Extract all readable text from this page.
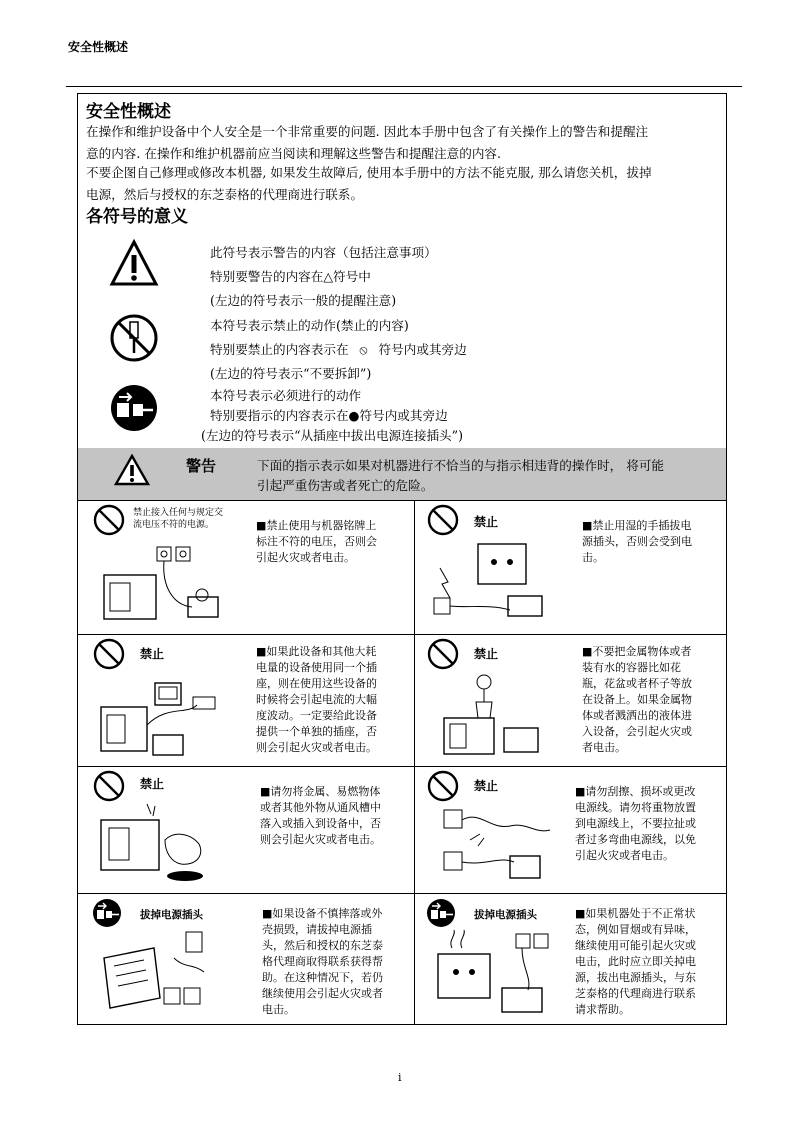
安全性概述
安全性概述
在操作和维护设备中个人安全是一个非常重要的问题. 因此本手册中包含了有关操作上的警告和提醒注
意的内容. 在操作和维护机器前应当阅读和理解这些警告和提醒注意的内容.
不要企图自己修理或修改本机器, 如果发生故障后, 使用本手册中的方法不能克服, 那么请您关机，拔掉
电源，然后与授权的东芝泰格的代理商进行联系。
各符号的意义
此符号表示警告的内容（包括注意事项）
特别要警告的内容在△符号中
(左边的符号表示一般的提醒注意)
本符号表示禁止的动作(禁止的内容)
特别要禁止的内容表示在 ⦸ 符号内或其旁边
(左边的符号表示“不要拆卸”)
本符号表示必须进行的动作
特别要指示的内容表示在●符号内或其旁边
(左边的符号表示“从插座中拔出电源连接插头”)
警告	下面的指示表示如果对机器进行不恰当的与指示相违背的操作时， 将可能
引起严重伤害或者死亡的危险。
禁止接入任何与规定交
流电压不符的电源。	■禁止使用与机器铭牌上
标注不符的电压，否则会
引起火灾或者电击。
禁止	■禁止用湿的手插拔电
源插头，否则会受到电
击。
禁止	■如果此设备和其他大耗
电量的设备使用同一个插
座，则在使用这些设备的
时候将会引起电流的大幅
度波动。一定要给此设备
提供一个单独的插座，否
则会引起火灾或者电击。
禁止	■不要把金属物体或者
装有水的容器比如花
瓶，花盆或者杯子等放
在设备上。如果金属物
体或者溅洒出的液体进
入设备，会引起火灾或
者电击。
禁止
■请勿将金属、易燃物体
或者其他外物从通风槽中
落入或插入到设备中，否
则会引起火灾或者电击。
禁止	■请勿刮擦、损坏或更改
电源线。请勿将重物放置
到电源线上，不要拉扯或
者过多弯曲电源线，以免
引起火灾或者电击。
拔掉电源插头	■如果设备不慎摔落或外
壳损毁，请拔掉电源插
头，然后和授权的东芝泰
格代理商取得联系获得帮
助。在这种情况下，若仍
继续使用会引起火灾或者
电击。
拔掉电源插头	■如果机器处于不正常状
态，例如冒烟或有异味，
继续使用可能引起火灾或
电击，此时应立即关掉电
源，拔出电源插头，与东
芝泰格的代理商进行联系
请求帮助。
i
